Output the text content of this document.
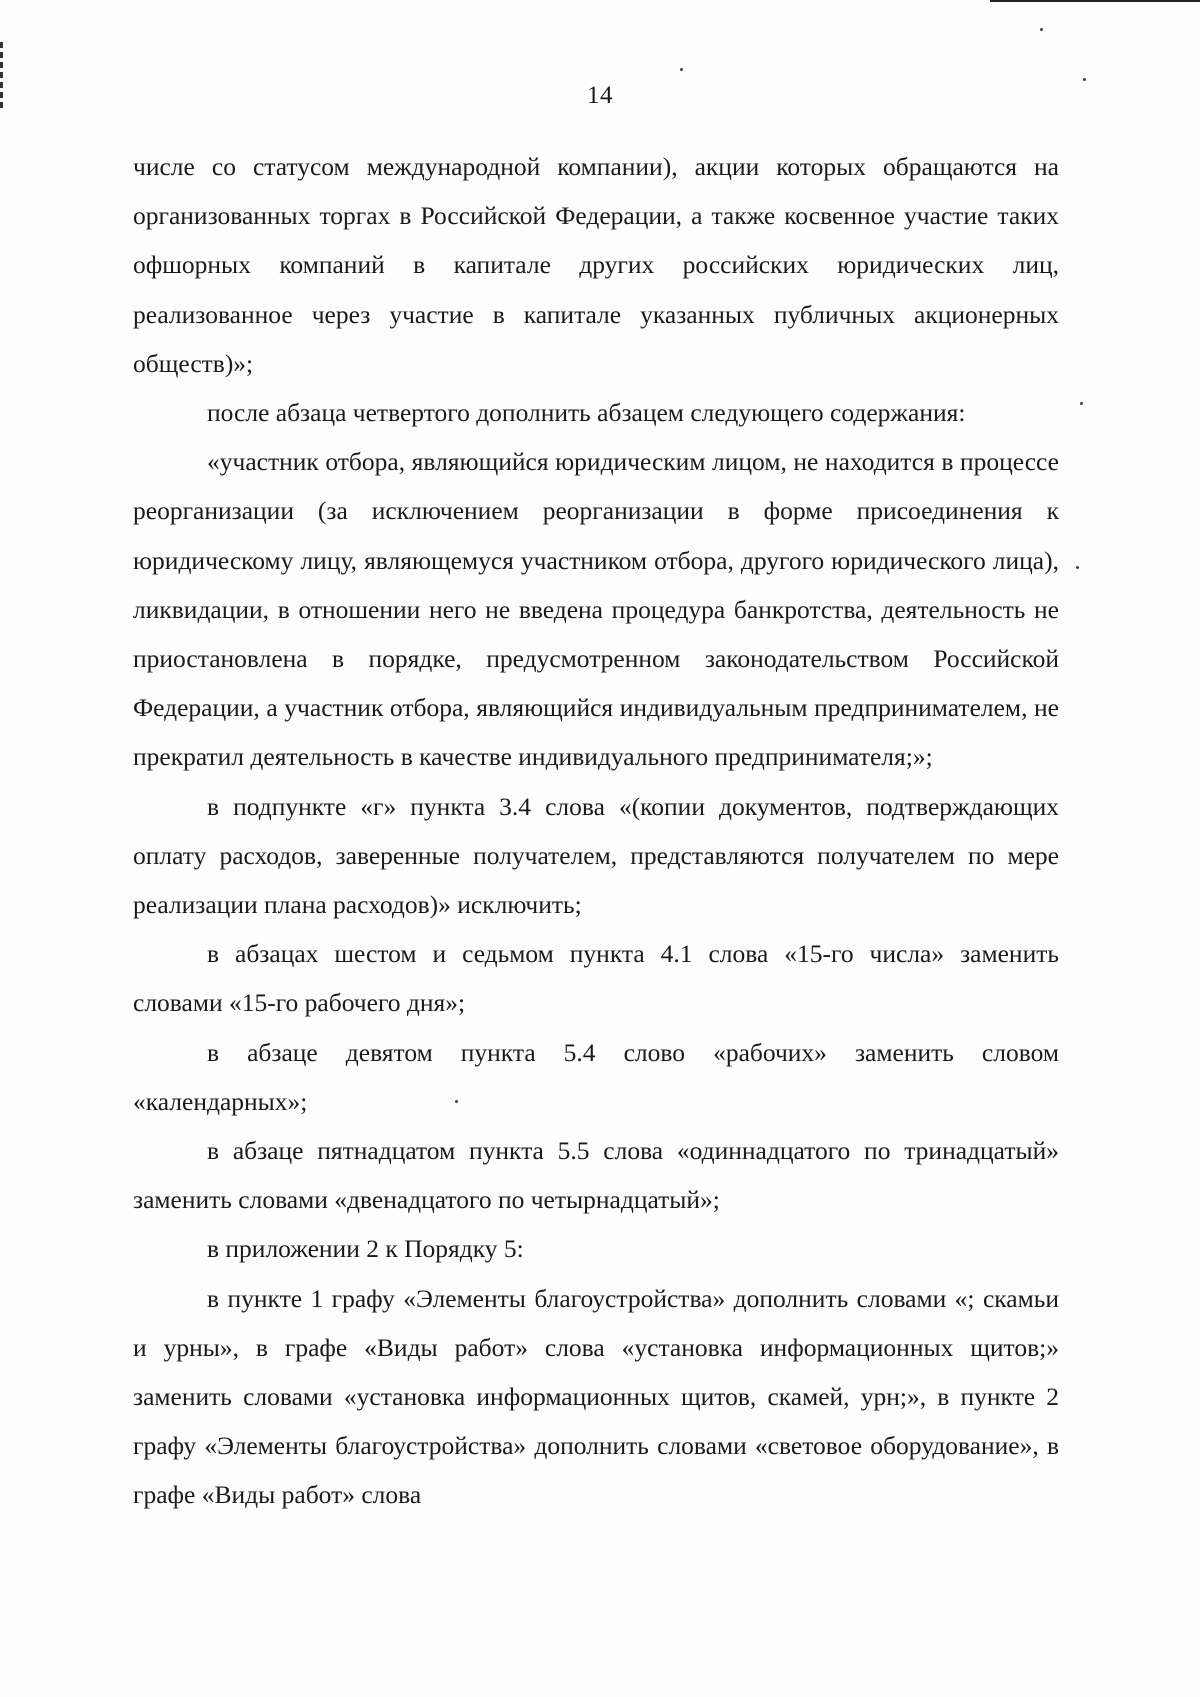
14

числе со статусом международной компании), акции которых обращаются на организованных торгах в Российской Федерации, а также косвенное участие таких офшорных компаний в капитале других российских юридических лиц, реализованное через участие в капитале указанных публичных акционерных обществ)»;

после абзаца четвертого дополнить абзацем следующего содержания:

«участник отбора, являющийся юридическим лицом, не находится в процессе реорганизации (за исключением реорганизации в форме присоединения к юридическому лицу, являющемуся участником отбора, другого юридического лица), ликвидации, в отношении него не введена процедура банкротства, деятельность не приостановлена в порядке, предусмотренном законодательством Российской Федерации, а участник отбора, являющийся индивидуальным предпринимателем, не прекратил деятельность в качестве индивидуального предпринимателя;»;

в подпункте «г» пункта 3.4 слова «(копии документов, подтверждающих оплату расходов, заверенные получателем, представляются получателем по мере реализации плана расходов)» исключить;

в абзацах шестом и седьмом пункта 4.1 слова «15-го числа» заменить словами «15-го рабочего дня»;

в абзаце девятом пункта 5.4 слово «рабочих» заменить словом «календарных»;

в абзаце пятнадцатом пункта 5.5 слова «одиннадцатого по тринадцатый» заменить словами «двенадцатого по четырнадцатый»;

в приложении 2 к Порядку 5:

в пункте 1 графу «Элементы благоустройства» дополнить словами «; скамьи и урны», в графе «Виды работ» слова «установка информационных щитов;» заменить словами «установка информационных щитов, скамей, урн;», в пункте 2 графу «Элементы благоустройства» дополнить словами «световое оборудование», в графе «Виды работ» слова
